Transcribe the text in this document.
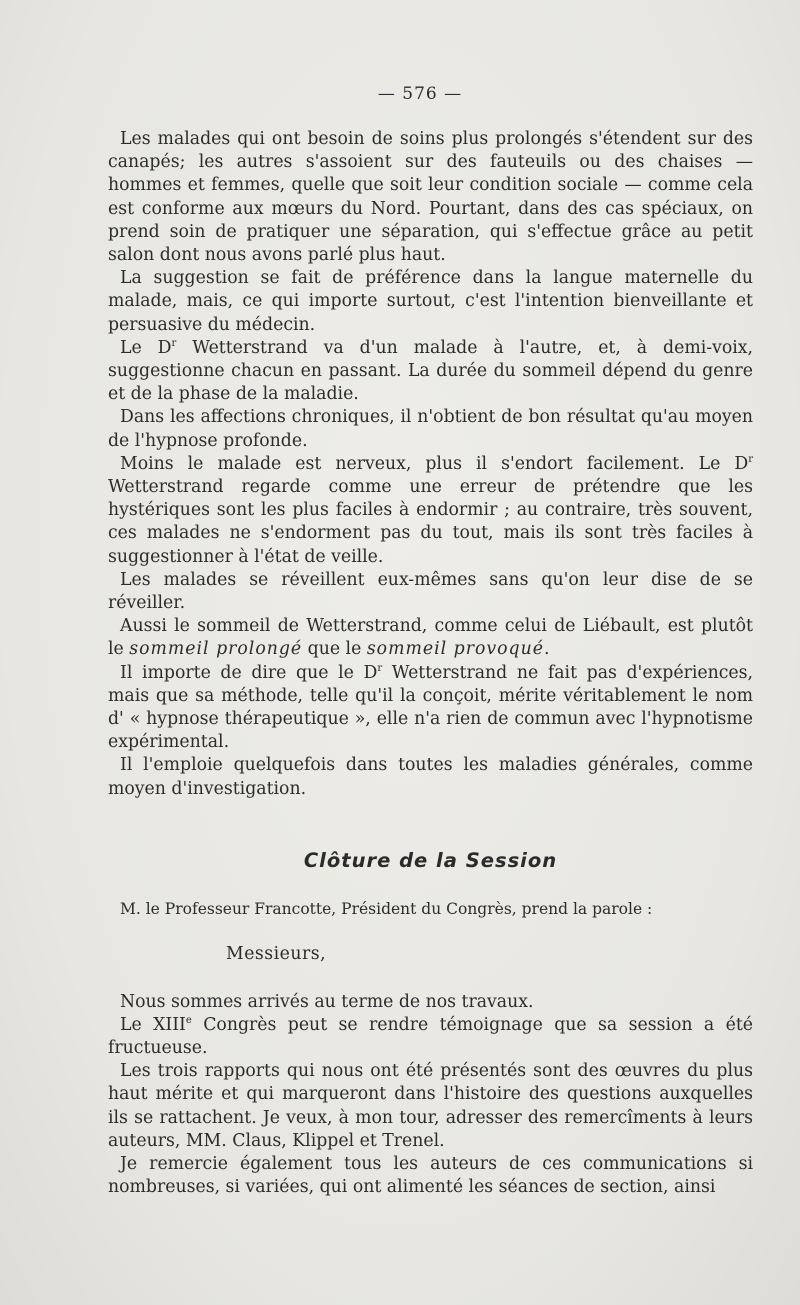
— 576 —

Les malades qui ont besoin de soins plus prolongés s'étendent sur des canapés; les autres s'assoient sur des fauteuils ou des chaises — hommes et femmes, quelle que soit leur condition sociale — comme cela est conforme aux mœurs du Nord. Pourtant, dans des cas spéciaux, on prend soin de pratiquer une séparation, qui s'effectue grâce au petit salon dont nous avons parlé plus haut.

La suggestion se fait de préférence dans la langue maternelle du malade, mais, ce qui importe surtout, c'est l'intention bienveillante et persuasive du médecin.

Le $D^r$ Wetterstrand va d'un malade à l'autre, et, à demi-voix, suggestionne chacun en passant. La durée du sommeil dépend du genre et de la phase de la maladie.

Dans les affections chroniques, il n'obtient de bon résultat qu'au moyen de l'hypnose profonde.

Moins le malade est nerveux, plus il s'endort facilement. Le $D^r$ Wetterstrand regarde comme une erreur de prétendre que les hystériques sont les plus faciles à endormir ; au contraire, très souvent, ces malades ne s'endorment pas du tout, mais ils sont très faciles à suggestionner à l'état de veille.

Les malades se réveillent eux-mêmes sans qu'on leur dise de se réveiller.

Aussi le sommeil de Wetterstrand, comme celui de Liébault, est plutôt le sommeil prolongé que le sommeil provoqué.

Il importe de dire que le $D^r$ Wetterstrand ne fait pas d'expériences, mais que sa méthode, telle qu'il la conçoit, mérite véritablement le nom d' « hypnose thérapeutique », elle n'a rien de commun avec l'hypnotisme expérimental.

Il l'emploie quelquefois dans toutes les maladies générales, comme moyen d'investigation.

Clôture de la Session

M. le Professeur Francotte, Président du Congrès, prend la parole :

Messieurs,

Nous sommes arrivés au terme de nos travaux.

Le XIIIe Congrès peut se rendre témoignage que sa session a été fructueuse.

Les trois rapports qui nous ont été présentés sont des œuvres du plus haut mérite et qui marqueront dans l'histoire des questions auxquelles ils se rattachent. Je veux, à mon tour, adresser des remercîments à leurs auteurs, MM. Claus, Klippel et Trenel.

Je remercie également tous les auteurs de ces communications si nombreuses, si variées, qui ont alimenté les séances de section, ainsi
